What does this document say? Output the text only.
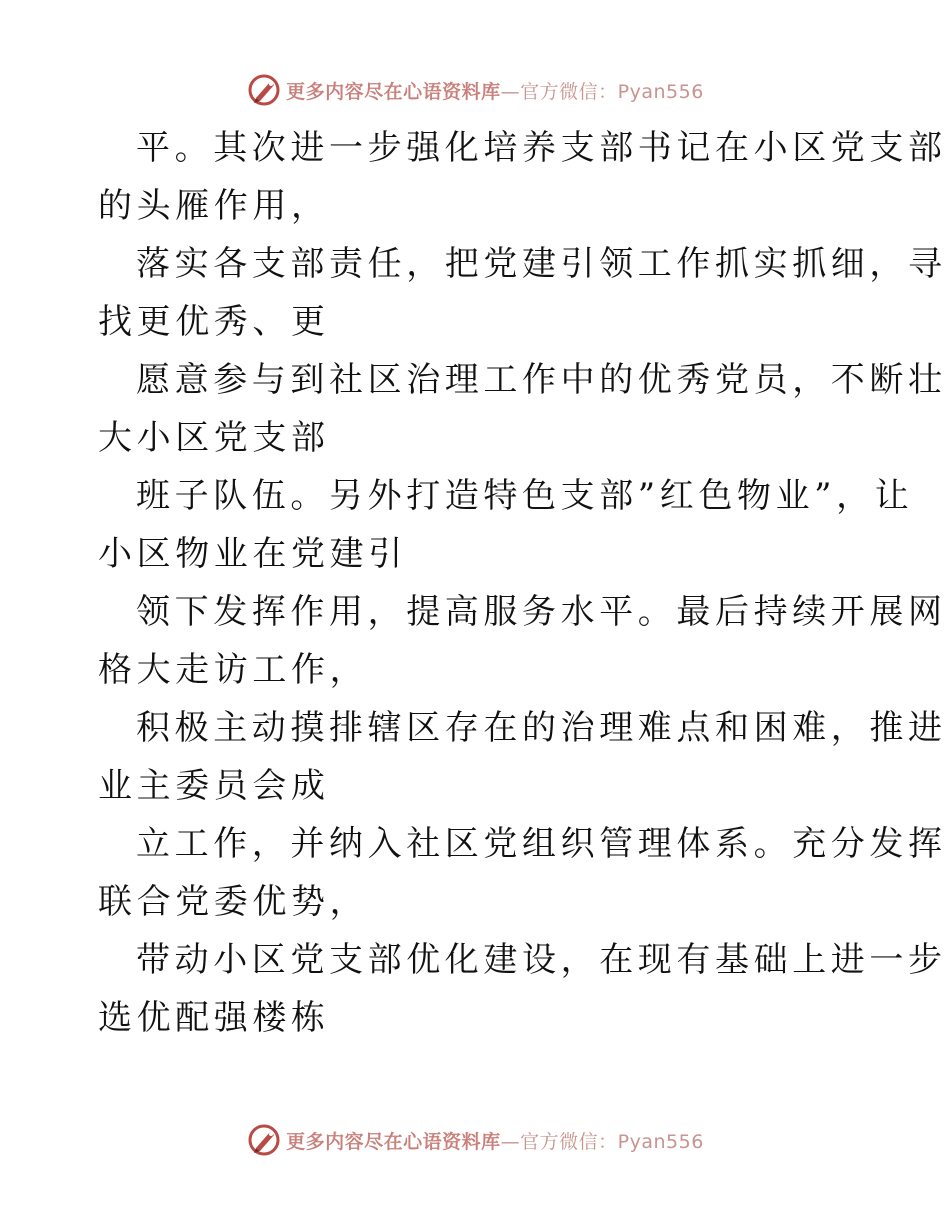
更多内容尽在心语资料库—官方微信：Pyan556
平。其次进一步强化培养支部书记在小区党支部
的头雁作用，
落实各支部责任，把党建引领工作抓实抓细，寻
找更优秀、更
愿意参与到社区治理工作中的优秀党员，不断壮
大小区党支部
班子队伍。另外打造特色支部”红色物业”，让
小区物业在党建引
领下发挥作用，提高服务水平。最后持续开展网
格大走访工作，
积极主动摸排辖区存在的治理难点和困难，推进
业主委员会成
立工作，并纳入社区党组织管理体系。充分发挥
联合党委优势，
带动小区党支部优化建设，在现有基础上进一步
选优配强楼栋
更多内容尽在心语资料库—官方微信：Pyan556
